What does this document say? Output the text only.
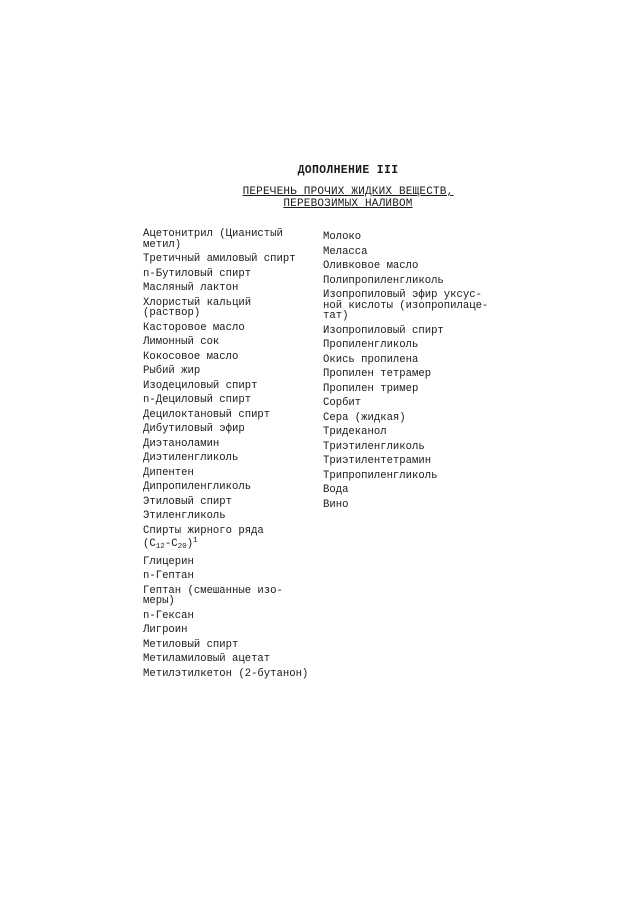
ДОПОЛНЕНИЕ III
ПЕРЕЧЕНЬ ПРОЧИХ ЖИДКИХ ВЕЩЕСТВ,
ПЕРЕВОЗИМЫХ НАЛИВОМ
Ацетонитрил (Цианистый
метил)
Третичный амиловый спирт
n-Бутиловый спирт
Масляный лактон
Хлористый кальций
(раствор)
Касторовое масло
Лимонный сок
Кокосовое масло
Рыбий жир
Изодециловый спирт
n-Дециловый спирт
Децилоктановый спирт
Дибутиловый эфир
Диэтаноламин
Диэтиленгликоль
Дипентен
Дипропиленгликоль
Этиловый спирт
Этиленгликоль
Спирты жирного ряда
$(C_{12}-C_{20})^1$
Глицерин
n-Гептан
Гептан (смешанные изо-
меры)
n-Гексан
Лигроин
Метиловый спирт
Метиламиловый ацетат
Метилэтилкетон (2-бутанон)
Молоко
Меласса
Оливковое масло
Полипропиленгликоль
Изопропиловый эфир уксус-
ной кислоты (изопропилаце-
тат)
Изопропиловый спирт
Пропиленгликоль
Окись пропилена
Пропилен тетрамер
Пропилен тример
Сорбит
Сера (жидкая)
Тридеканол
Триэтиленгликоль
Триэтилентетрамин
Трипропиленгликоль
Вода
Вино
